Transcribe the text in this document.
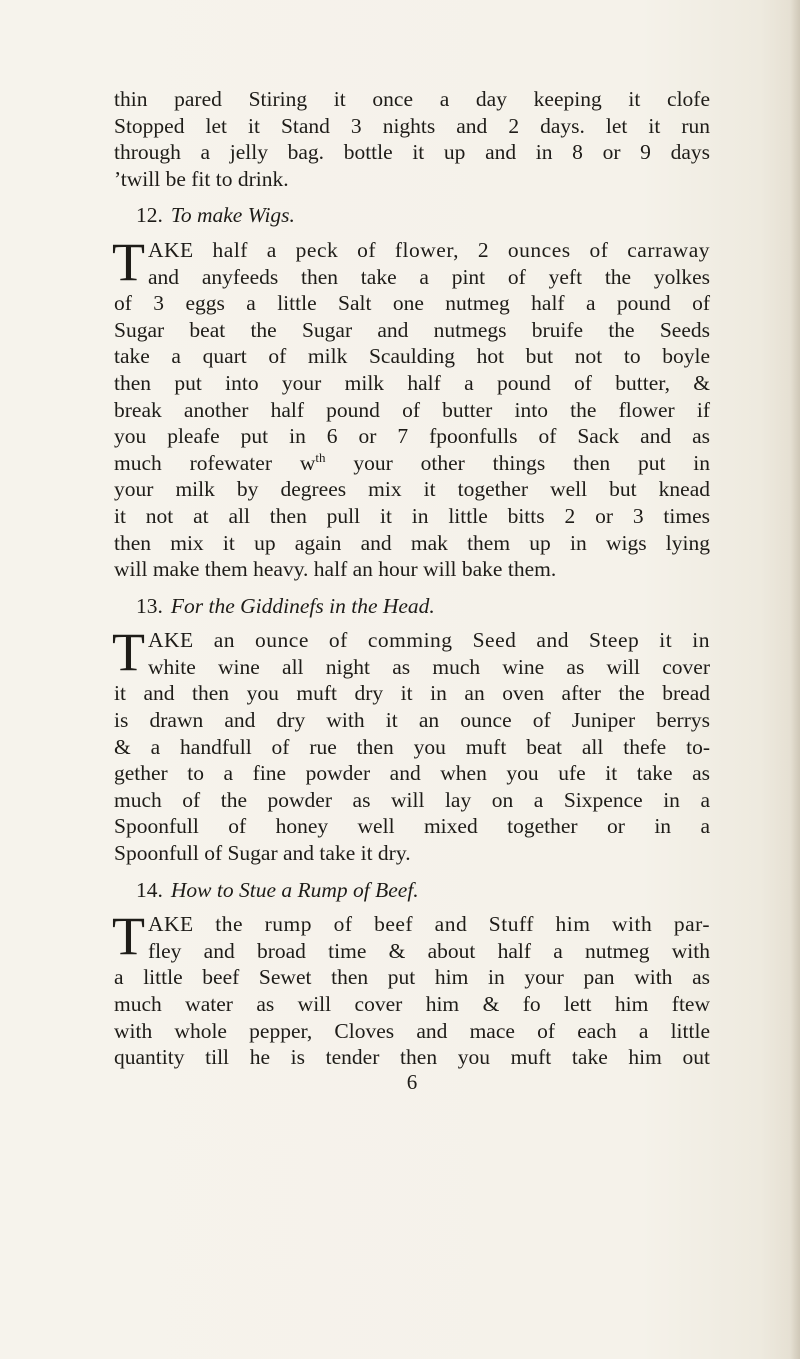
thin pared Stiring it once a day keeping it clofe
Stopped let it Stand 3 nights and 2 days. let it run
through a jelly bag. bottle it up and in 8 or 9 days
’twill be fit to drink.
12. To make Wigs.
T AKE half a peck of flower, 2 ounces of carraway
and anyfeeds then take a pint of yeft the yolkes
of 3 eggs a little Salt one nutmeg half a pound of
Sugar beat the Sugar and nutmegs bruife the Seeds
take a quart of milk Scaulding hot but not to boyle
then put into your milk half a pound of butter, &
break another half pound of butter into the flower if
you pleafe put in 6 or 7 fpoonfulls of Sack and as
much rofewater $w^{th}$ your other things then put in
your milk by degrees mix it together well but knead
it not at all then pull it in little bitts 2 or 3 times
then mix it up again and mak them up in wigs lying
will make them heavy. half an hour will bake them.
13. For the Giddinefs in the Head.
T AKE an ounce of comming Seed and Steep it in
white wine all night as much wine as will cover
it and then you muft dry it in an oven after the bread
is drawn and dry with it an ounce of Juniper berrys
& a handfull of rue then you muft beat all thefe to-
gether to a fine powder and when you ufe it take as
much of the powder as will lay on a Sixpence in a
Spoonfull of honey well mixed together or in a
Spoonfull of Sugar and take it dry.
14. How to Stue a Rump of Beef.
T AKE the rump of beef and Stuff him with par-
fley and broad time & about half a nutmeg with
a little beef Sewet then put him in your pan with as
much water as will cover him & fo lett him ftew
with whole pepper, Cloves and mace of each a little
quantity till he is tender then you muft take him out
6
